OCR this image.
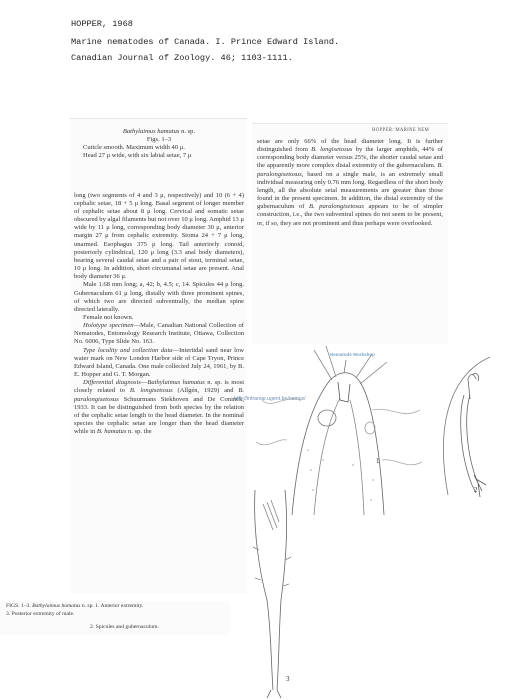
HOPPER, 1968
Marine nematodes of Canada. I. Prince Edward Island.
Canadian Journal of Zoology. 46; 1103-1111.
HOPPER: MARINE NEM

Bathylaimus hamatus n. sp.

Figs. 1–3

Cuticle smooth. Maximum width 40 μ.

Head 27 μ wide, with six labial setae, 7 μ

long (two segments of 4 and 3 μ, respectively) and 10 (6 + 4) cephalic setae, 18 + 5 μ long. Basal segment of longer member of cephalic setae about 8 μ long. Cervical and somatic setae obscured by algal filaments but not over 10 μ long. Amphid 13 μ wide by 11 μ long, corresponding body diameter 30 μ, anterior margin 27 μ from cephalic extremity. Stoma 24 + 7 μ long, unarmed. Esophagus 375 μ long. Tail anteriorly conoid, posteriorly cylindrical, 120 μ long (3.3 anal body diameters), bearing several caudal setae and a pair of stout, terminal setae, 10 μ long. In addition, short circumanal setae are present. Anal body diameter 36 μ.

Male 1.68 mm long; a, 42; b, 4.5; c, 14. Spicules 44 μ long. Gubernaculum 61 μ long, distally with three prominent spines, of which two are directed subventrally, the median spine directed laterally.

Female not known.

Holotype specimen—Male, Canadian National Collection of Nematodes, Entomology Research Institute, Ottawa, Collection No. 6006, Type Slide No. 163.

Type locality and collection data—Intertidal sand near low water mark on New London Harbor side of Cape Tryon, Prince Edward Island, Canada. One male collected July 24, 1961, by B. E. Hopper and G. T. Morgan.

Differential diagnosis—Bathylaimus hamatus n. sp. is most closely related to B. longisetosus (Allgén, 1929) and B. paralongisetosus Schuurmans Stekhoven and De Coninck, 1933. It can be distinguished from both species by the relation of the cephalic setae length to the head diameter. In the nominal species the cephalic setae are longer than the head diameter while in B. hamatus n. sp. the

setae are only 66% of the head diameter long. It is further distinguished from B. longisetosus by the larger amphids, 44% of corresponding body diameter versus 25%, the shorter caudal setae and the apparently more complex distal extremity of the gubernaculum. B. paralongisetosus, based on a single male, is an extremely small individual measuring only 0.76 mm long. Regardless of the short body length, all the absolute setal measurements are greater than those found in the present specimen. In addition, the distal extremity of the gubernaculum of B. paralongisetosus appears to be of simpler construction, i.e., the two subventral spines do not seem to be present, or, if so, they are not prominent and thus perhaps were overlooked.

Nematode Workshop
http://intramar.ugent.be/nemys/
1
2
3
FIGS. 1–3. Bathylaimus hamatus n. sp. 1. Anterior extremity.
3. Posterior extremity of male.
2. Spicules and gubernaculum.
